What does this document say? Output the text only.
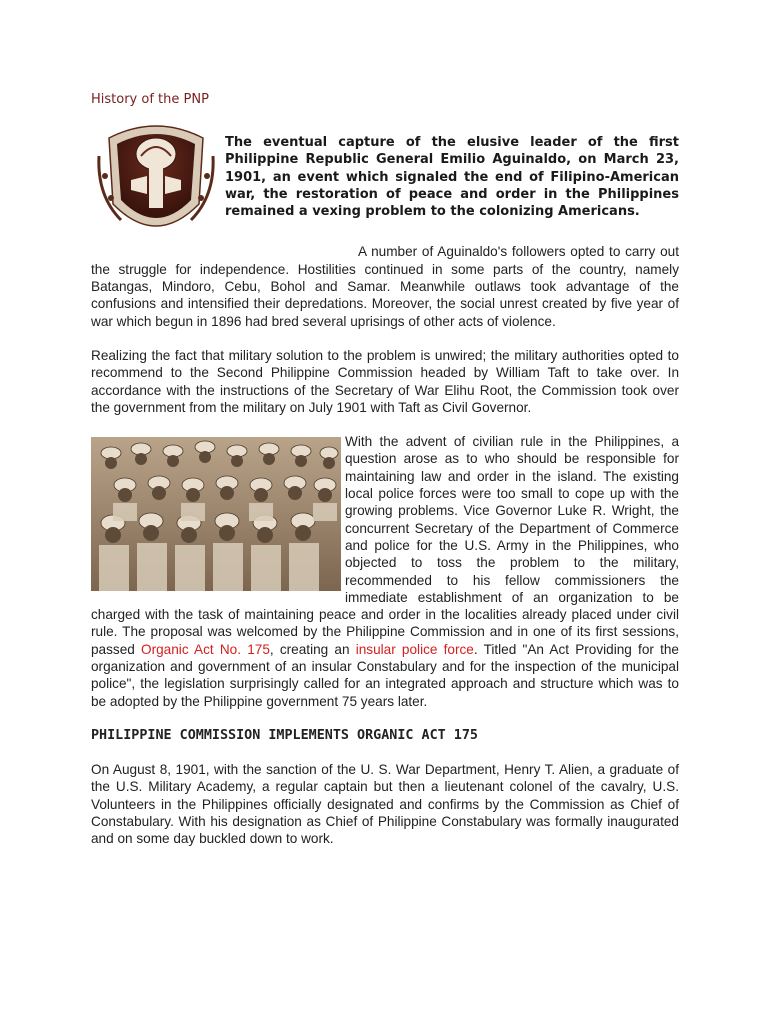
History of the PNP
The eventual capture of the elusive leader of the first Philippine Republic General Emilio Aguinaldo, on March 23, 1901, an event which signaled the end of Filipino-American war, the restoration of peace and order in the Philippines remained a vexing problem to the colonizing Americans.

A number of Aguinaldo's followers opted to carry out the struggle for independence. Hostilities continued in some parts of the country, namely Batangas, Mindoro, Cebu, Bohol and Samar. Meanwhile outlaws took advantage of the confusions and intensified their depredations. Moreover, the social unrest created by five year of war which begun in 1896 had bred several uprisings of other acts of violence.

Realizing the fact that military solution to the problem is unwired; the military authorities opted to recommend to the Second Philippine Commission headed by William Taft to take over. In accordance with the instructions of the Secretary of War Elihu Root, the Commission took over the government from the military on July 1901 with Taft as Civil Governor.

With the advent of civilian rule in the Philippines, a question arose as to who should be responsible for maintaining law and order in the island. The existing local police forces were too small to cope up with the growing problems. Vice Governor Luke R. Wright, the concurrent Secretary of the Department of Commerce and police for the U.S. Army in the Philippines, who objected to toss the problem to the military, recommended to his fellow commissioners the immediate establishment of an organization to be charged with the task of maintaining peace and order in the localities already placed under civil rule. The proposal was welcomed by the Philippine Commission and in one of its first sessions, passed Organic Act No. 175, creating an insular police force. Titled "An Act Providing for the organization and government of an insular Constabulary and for the inspection of the municipal police", the legislation surprisingly called for an integrated approach and structure which was to be adopted by the Philippine government 75 years later.

PHILIPPINE COMMISSION IMPLEMENTS ORGANIC ACT 175

On August 8, 1901, with the sanction of the U. S. War Department, Henry T. Alien, a graduate of the U.S. Military Academy, a regular captain but then a lieutenant colonel of the cavalry, U.S. Volunteers in the Philippines officially designated and confirms by the Commission as Chief of Constabulary. With his designation as Chief of Philippine Constabulary was formally inaugurated and on some day buckled down to work.
